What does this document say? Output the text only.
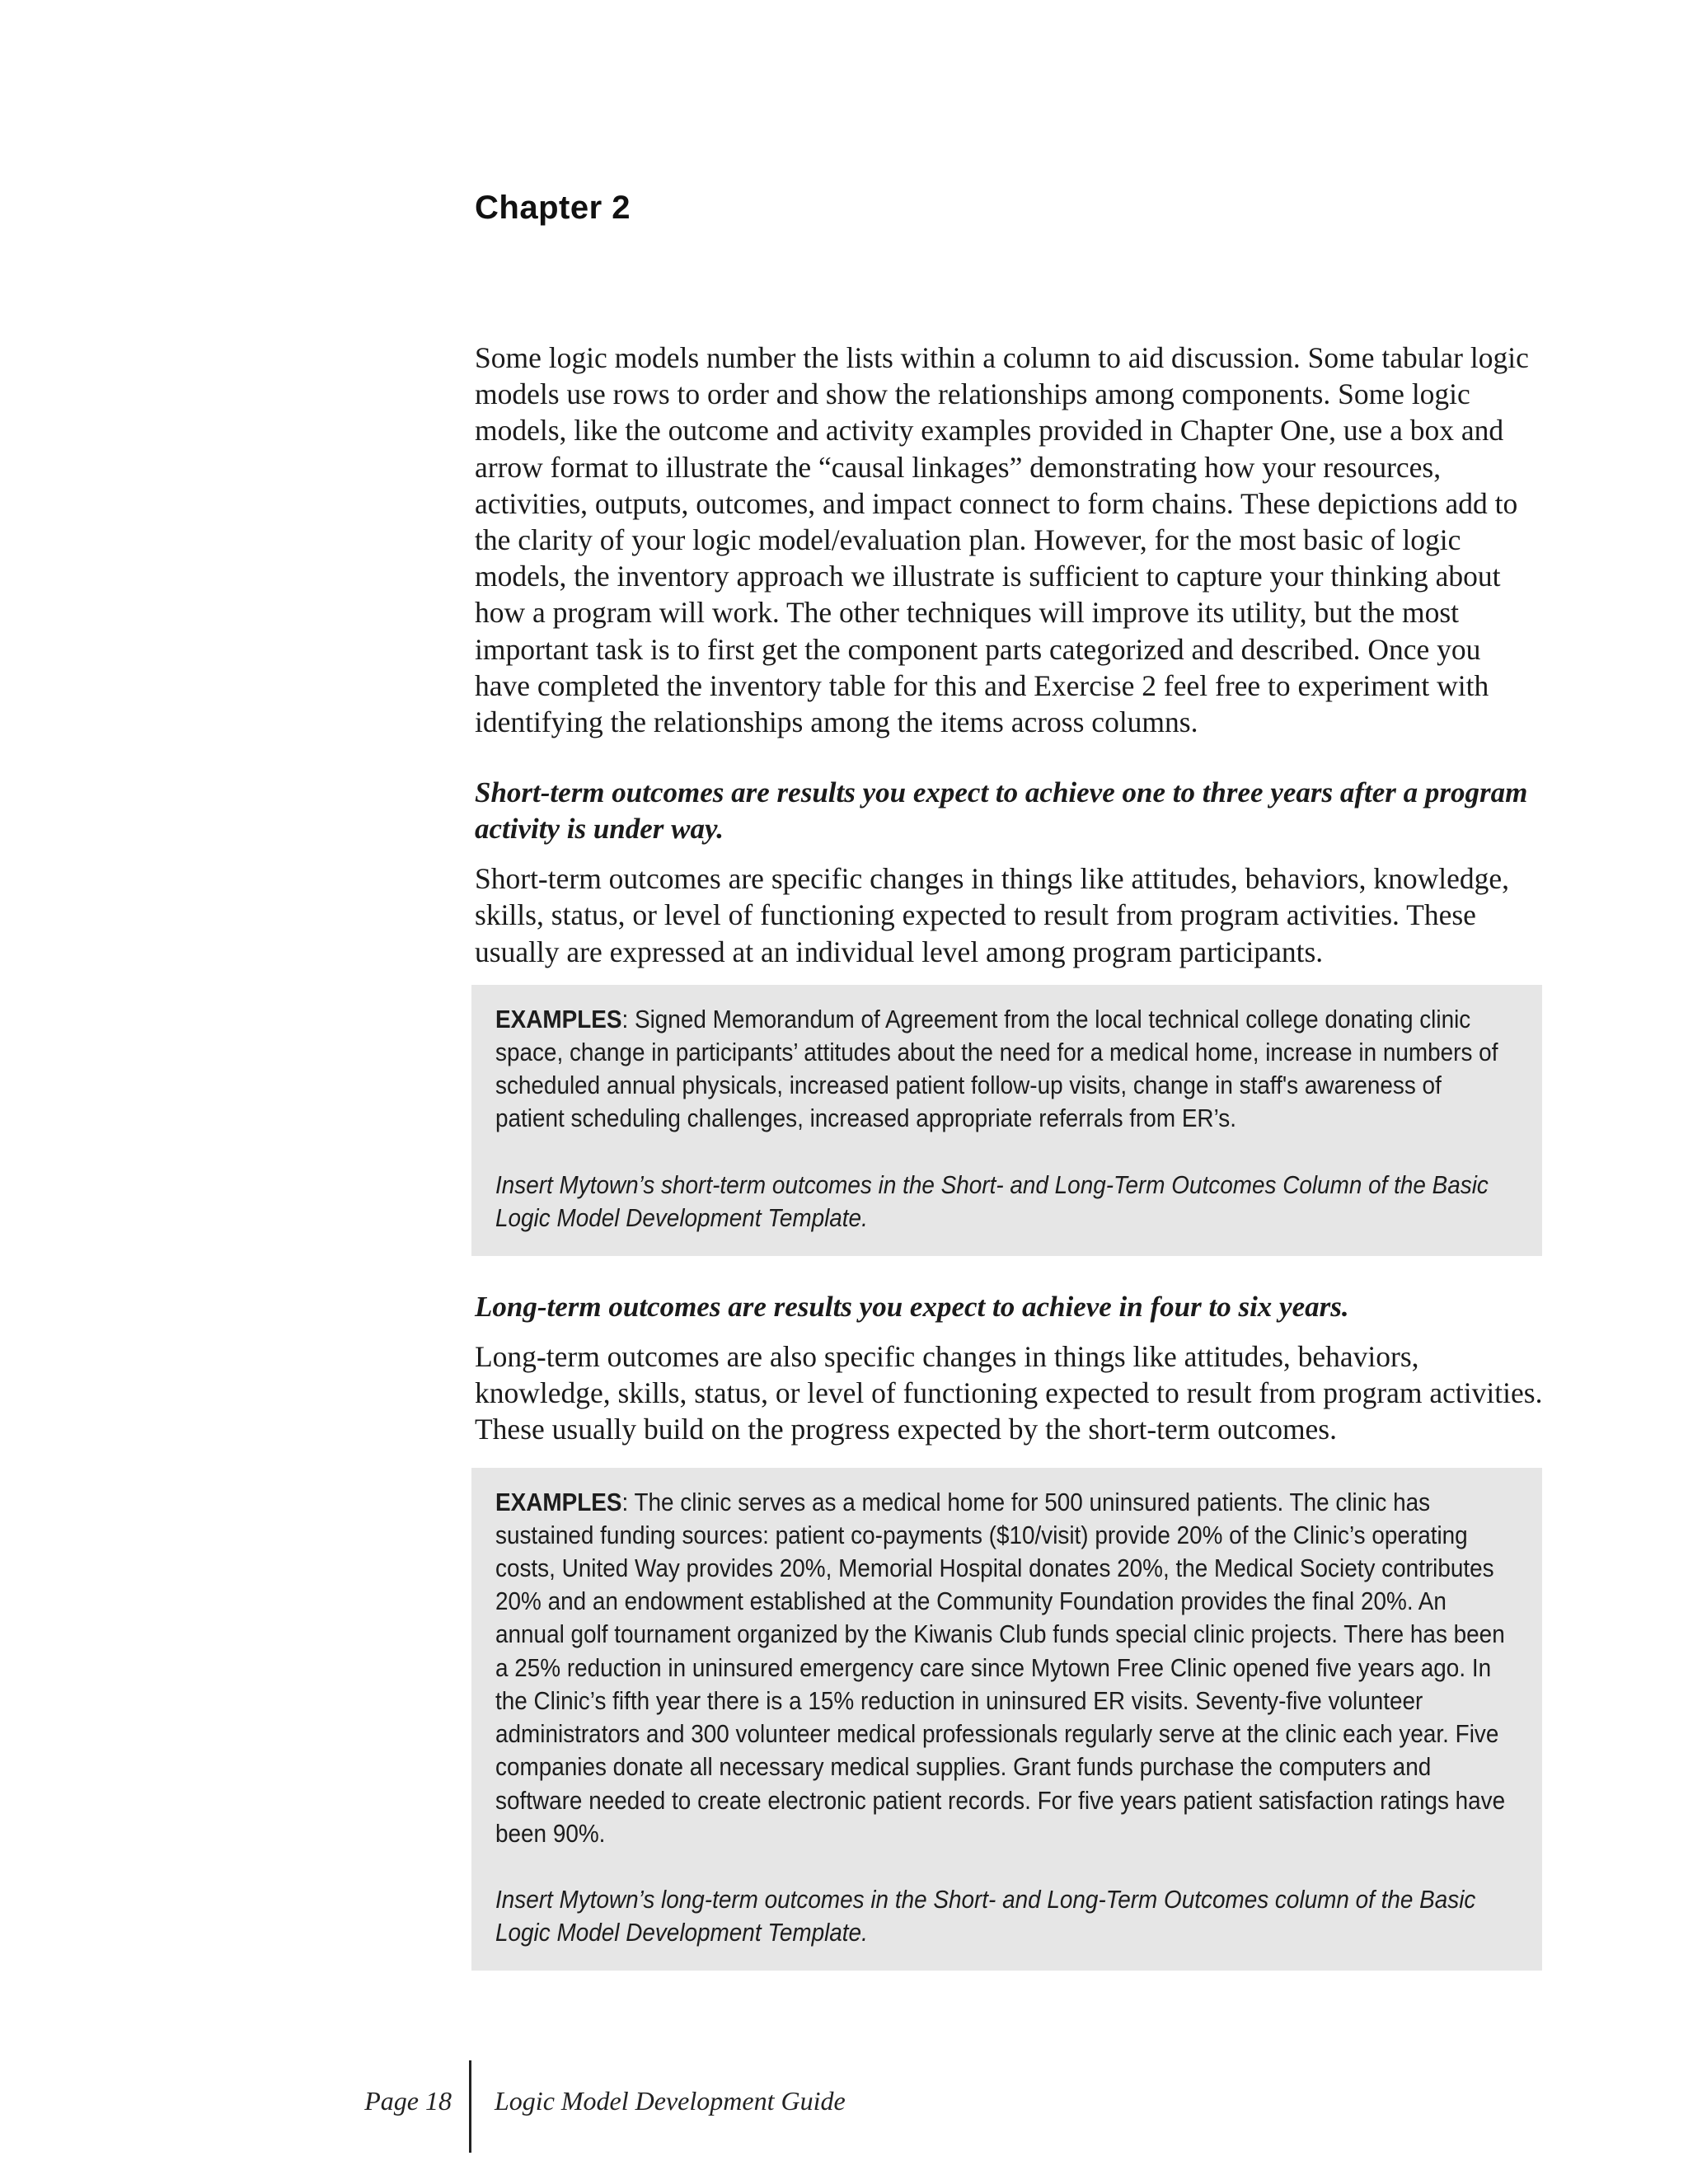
Chapter 2

Some logic models number the lists within a column to aid discussion. Some tabular logic models use rows to order and show the relationships among components. Some logic models, like the outcome and activity examples provided in Chapter One, use a box and arrow format to illustrate the “causal linkages” demonstrating how your resources, activities, outputs, outcomes, and impact connect to form chains. These depictions add to the clarity of your logic model/evaluation plan. However, for the most basic of logic models, the inventory approach we illustrate is sufficient to capture your thinking about how a program will work. The other techniques will improve its utility, but the most important task is to first get the component parts categorized and described. Once you have completed the inventory table for this and Exercise 2 feel free to experiment with identifying the relationships among the items across columns.

Short-term outcomes are results you expect to achieve one to three years after a program activity is under way.

Short-term outcomes are specific changes in things like attitudes, behaviors, knowledge, skills, status, or level of functioning expected to result from program activities. These usually are expressed at an individual level among program participants.

EXAMPLES: Signed Memorandum of Agreement from the local technical college donating clinic space, change in participants’ attitudes about the need for a medical home, increase in numbers of scheduled annual physicals, increased patient follow-up visits, change in staff's awareness of patient scheduling challenges, increased appropriate referrals from ER’s.

Insert Mytown’s short-term outcomes in the Short- and Long-Term Outcomes Column of the Basic Logic Model Development Template.

Long-term outcomes are results you expect to achieve in four to six years.

Long-term outcomes are also specific changes in things like attitudes, behaviors, knowledge, skills, status, or level of functioning expected to result from program activities. These usually build on the progress expected by the short-term outcomes.

EXAMPLES: The clinic serves as a medical home for 500 uninsured patients. The clinic has sustained funding sources: patient co-payments ($10/visit) provide 20% of the Clinic’s operating costs, United Way provides 20%, Memorial Hospital donates 20%, the Medical Society contributes 20% and an endowment established at the Community Foundation provides the final 20%. An annual golf tournament organized by the Kiwanis Club funds special clinic projects. There has been a 25% reduction in uninsured emergency care since Mytown Free Clinic opened five years ago. In the Clinic’s fifth year there is a 15% reduction in uninsured ER visits. Seventy-five volunteer administrators and 300 volunteer medical professionals regularly serve at the clinic each year. Five companies donate all necessary medical supplies. Grant funds purchase the computers and software needed to create electronic patient records. For five years patient satisfaction ratings have been 90%.

Insert Mytown’s long-term outcomes in the Short- and Long-Term Outcomes column of the Basic Logic Model Development Template.

Page 18 Logic Model Development Guide
